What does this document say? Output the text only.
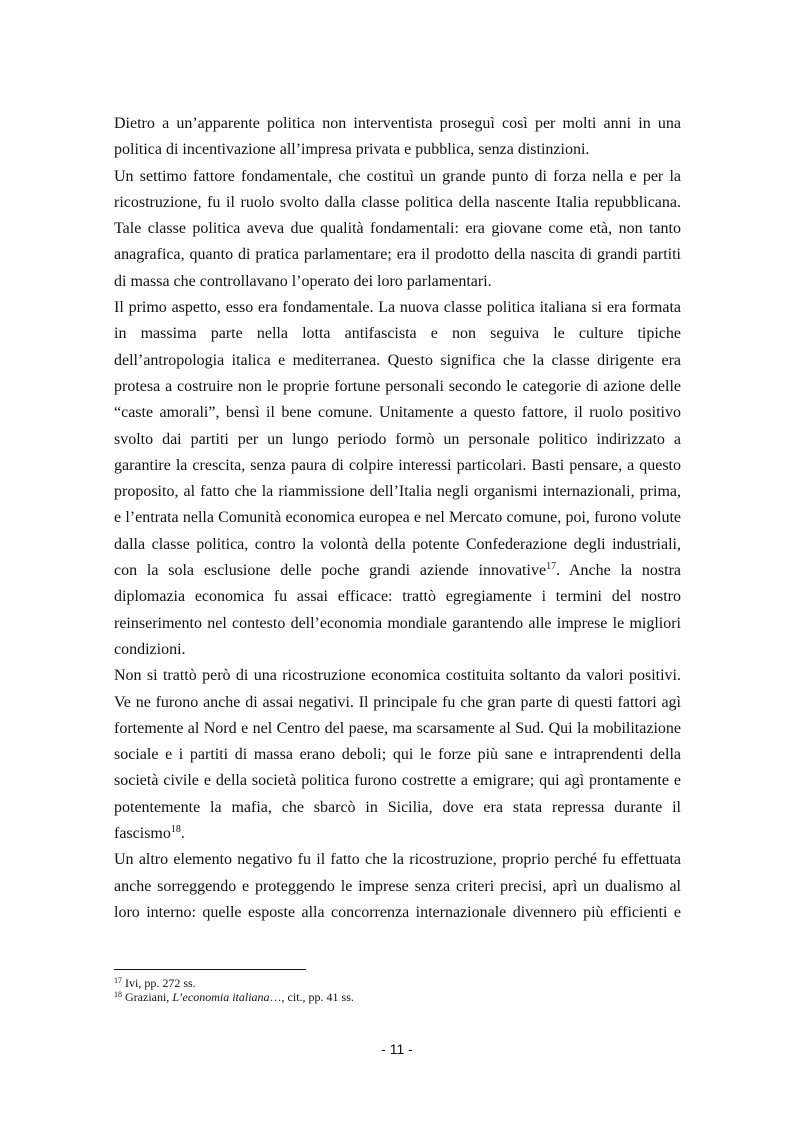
Dietro a un’apparente politica non interventista proseguì così per molti anni in una
politica di incentivazione all’impresa privata e pubblica, senza distinzioni.
Un settimo fattore fondamentale, che costituì un grande punto di forza nella e per la
ricostruzione, fu il ruolo svolto dalla classe politica della nascente Italia repubblicana.
Tale classe politica aveva due qualità fondamentali: era giovane come età, non tanto
anagrafica, quanto di pratica parlamentare; era il prodotto della nascita di grandi partiti
di massa che controllavano l’operato dei loro parlamentari.
Il primo aspetto, esso era fondamentale. La nuova classe politica italiana si era formata
in massima parte nella lotta antifascista e non seguiva le culture tipiche
dell’antropologia italica e mediterranea. Questo significa che la classe dirigente era
protesa a costruire non le proprie fortune personali secondo le categorie di azione delle
“caste amorali”, bensì il bene comune. Unitamente a questo fattore, il ruolo positivo
svolto dai partiti per un lungo periodo formò un personale politico indirizzato a
garantire la crescita, senza paura di colpire interessi particolari. Basti pensare, a questo
proposito, al fatto che la riammissione dell’Italia negli organismi internazionali, prima,
e l’entrata nella Comunità economica europea e nel Mercato comune, poi, furono volute
dalla classe politica, contro la volontà della potente Confederazione degli industriali,
con la sola esclusione delle poche grandi aziende innovative$^{17}$. Anche la nostra
diplomazia economica fu assai efficace: trattò egregiamente i termini del nostro
reinserimento nel contesto dell’economia mondiale garantendo alle imprese le migliori
condizioni.
Non si trattò però di una ricostruzione economica costituita soltanto da valori positivi.
Ve ne furono anche di assai negativi. Il principale fu che gran parte di questi fattori agì
fortemente al Nord e nel Centro del paese, ma scarsamente al Sud. Qui la mobilitazione
sociale e i partiti di massa erano deboli; qui le forze più sane e intraprendenti della
società civile e della società politica furono costrette a emigrare; qui agì prontamente e
potentemente la mafia, che sbarcò in Sicilia, dove era stata repressa durante il
fascismo$^{18}$.
Un altro elemento negativo fu il fatto che la ricostruzione, proprio perché fu effettuata
anche sorreggendo e proteggendo le imprese senza criteri precisi, aprì un dualismo al
loro interno: quelle esposte alla concorrenza internazionale divennero più efficienti e
$^{17}$ Ivi, pp. 272 ss.
$^{18}$ Graziani, L’economia italiana…, cit., pp. 41 ss.
- 11 -
